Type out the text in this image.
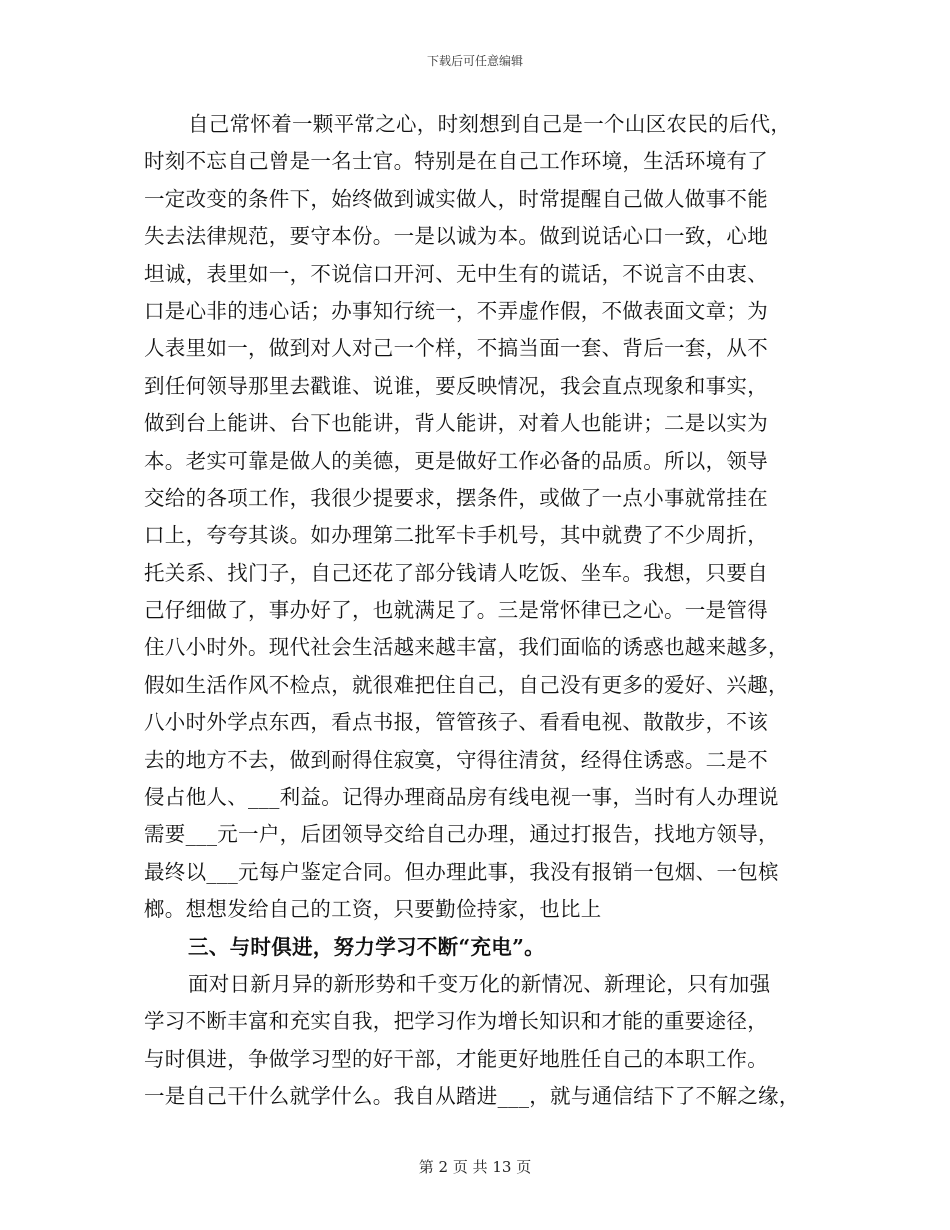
下载后可任意编辑
自己常怀着一颗平常之心，时刻想到自己是一个山区农民的后代，
时刻不忘自己曾是一名士官。特别是在自己工作环境，生活环境有了
一定改变的条件下，始终做到诚实做人，时常提醒自己做人做事不能
失去法律规范，要守本份。一是以诚为本。做到说话心口一致，心地
坦诚，表里如一，不说信口开河、无中生有的谎话，不说言不由衷、
口是心非的违心话；办事知行统一，不弄虚作假，不做表面文章；为
人表里如一，做到对人对己一个样，不搞当面一套、背后一套，从不
到任何领导那里去戳谁、说谁，要反映情况，我会直点现象和事实，
做到台上能讲、台下也能讲，背人能讲，对着人也能讲；二是以实为
本。老实可靠是做人的美德，更是做好工作必备的品质。所以，领导
交给的各项工作，我很少提要求，摆条件，或做了一点小事就常挂在
口上，夸夸其谈。如办理第二批军卡手机号，其中就费了不少周折，
托关系、找门子，自己还花了部分钱请人吃饭、坐车。我想，只要自
己仔细做了，事办好了，也就满足了。三是常怀律已之心。一是管得
住八小时外。现代社会生活越来越丰富，我们面临的诱惑也越来越多，
假如生活作风不检点，就很难把住自己，自己没有更多的爱好、兴趣，
八小时外学点东西，看点书报，管管孩子、看看电视、散散步，不该
去的地方不去，做到耐得住寂寞，守得往清贫，经得住诱惑。二是不
侵占他人、___利益。记得办理商品房有线电视一事，当时有人办理说
需要___元一户，后团领导交给自己办理，通过打报告，找地方领导，
最终以___元每户鉴定合同。但办理此事，我没有报销一包烟、一包槟
榔。想想发给自己的工资，只要勤俭持家，也比上
三、与时俱进，努力学习不断“充电”。
面对日新月异的新形势和千变万化的新情况、新理论，只有加强
学习不断丰富和充实自我，把学习作为增长知识和才能的重要途径，
与时俱进，争做学习型的好干部，才能更好地胜任自己的本职工作。
一是自己干什么就学什么。我自从踏进___，就与通信结下了不解之缘，
第 2 页 共 13 页
